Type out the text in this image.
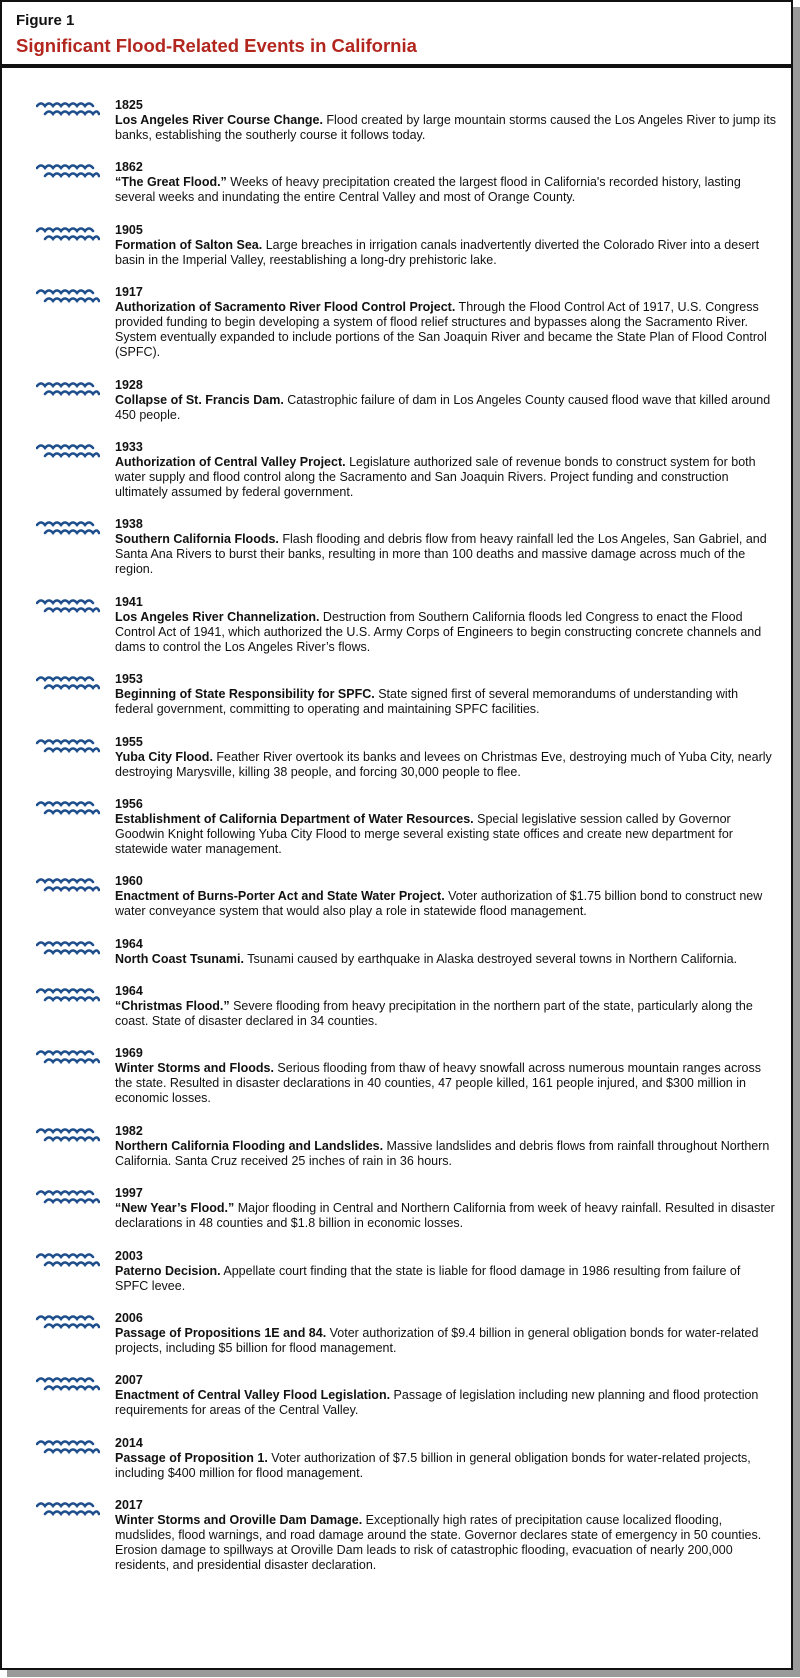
Figure 1
Significant Flood-Related Events in California
1825
Los Angeles River Course Change. Flood created by large mountain storms caused the Los Angeles River to jump its banks, establishing the southerly course it follows today.
1862
“The Great Flood.” Weeks of heavy precipitation created the largest flood in California's recorded history, lasting several weeks and inundating the entire Central Valley and most of Orange County.
1905
Formation of Salton Sea. Large breaches in irrigation canals inadvertently diverted the Colorado River into a desert basin in the Imperial Valley, reestablishing a long-dry prehistoric lake.
1917
Authorization of Sacramento River Flood Control Project. Through the Flood Control Act of 1917, U.S. Congress provided funding to begin developing a system of flood relief structures and bypasses along the Sacramento River. System eventually expanded to include portions of the San Joaquin River and became the State Plan of Flood Control (SPFC).
1928
Collapse of St. Francis Dam. Catastrophic failure of dam in Los Angeles County caused flood wave that killed around 450 people.
1933
Authorization of Central Valley Project. Legislature authorized sale of revenue bonds to construct system for both water supply and flood control along the Sacramento and San Joaquin Rivers. Project funding and construction ultimately assumed by federal government.
1938
Southern California Floods. Flash flooding and debris flow from heavy rainfall led the Los Angeles, San Gabriel, and Santa Ana Rivers to burst their banks, resulting in more than 100 deaths and massive damage across much of the region.
1941
Los Angeles River Channelization. Destruction from Southern California floods led Congress to enact the Flood Control Act of 1941, which authorized the U.S. Army Corps of Engineers to begin constructing concrete channels and dams to control the Los Angeles River’s flows.
1953
Beginning of State Responsibility for SPFC. State signed first of several memorandums of understanding with federal government, committing to operating and maintaining SPFC facilities.
1955
Yuba City Flood. Feather River overtook its banks and levees on Christmas Eve, destroying much of Yuba City, nearly destroying Marysville, killing 38 people, and forcing 30,000 people to flee.
1956
Establishment of California Department of Water Resources. Special legislative session called by Governor Goodwin Knight following Yuba City Flood to merge several existing state offices and create new department for statewide water management.
1960
Enactment of Burns-Porter Act and State Water Project. Voter authorization of $1.75 billion bond to construct new water conveyance system that would also play a role in statewide flood management.
1964
North Coast Tsunami. Tsunami caused by earthquake in Alaska destroyed several towns in Northern California.
1964
“Christmas Flood.” Severe flooding from heavy precipitation in the northern part of the state, particularly along the coast. State of disaster declared in 34 counties.
1969
Winter Storms and Floods. Serious flooding from thaw of heavy snowfall across numerous mountain ranges across the state. Resulted in disaster declarations in 40 counties, 47 people killed, 161 people injured, and $300 million in economic losses.
1982
Northern California Flooding and Landslides. Massive landslides and debris flows from rainfall throughout Northern California. Santa Cruz received 25 inches of rain in 36 hours.
1997
“New Year’s Flood.” Major flooding in Central and Northern California from week of heavy rainfall. Resulted in disaster declarations in 48 counties and $1.8 billion in economic losses.
2003
Paterno Decision. Appellate court finding that the state is liable for flood damage in 1986 resulting from failure of SPFC levee.
2006
Passage of Propositions 1E and 84. Voter authorization of $9.4 billion in general obligation bonds for water-related projects, including $5 billion for flood management.
2007
Enactment of Central Valley Flood Legislation. Passage of legislation including new planning and flood protection requirements for areas of the Central Valley.
2014
Passage of Proposition 1. Voter authorization of $7.5 billion in general obligation bonds for water-related projects, including $400 million for flood management.
2017
Winter Storms and Oroville Dam Damage. Exceptionally high rates of precipitation cause localized flooding, mudslides, flood warnings, and road damage around the state. Governor declares state of emergency in 50 counties. Erosion damage to spillways at Oroville Dam leads to risk of catastrophic flooding, evacuation of nearly 200,000 residents, and presidential disaster declaration.
